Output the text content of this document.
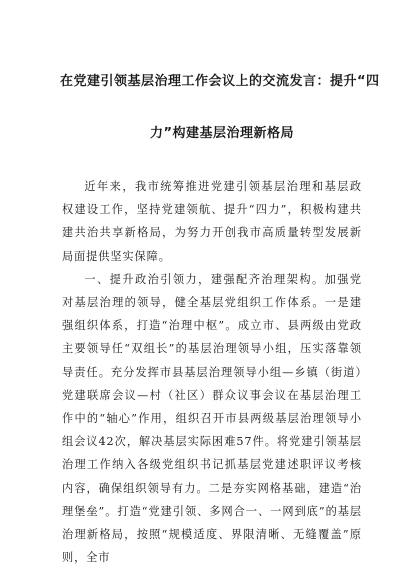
在党建引领基层治理工作会议上的交流发言：提升“四
力”构建基层治理新格局

近年来，我市统筹推进党建引领基层治理和基层政权建设工作，坚持党建领航、提升“四力”，积极构建共建共治共享新格局，为努力开创我市高质量转型发展新局面提供坚实保障。

一、提升政治引领力，建强配齐治理架构。加强党对基层治理的领导，健全基层党组织工作体系。一是建强组织体系，打造“治理中枢”。成立市、县两级由党政主要领导任“双组长”的基层治理领导小组，压实落靠领导责任。充分发挥市县基层治理领导小组—乡镇（街道）党建联席会议—村（社区）群众议事会议在基层治理工作中的“轴心”作用，组织召开市县两级基层治理领导小组会议42次，解决基层实际困难57件。将党建引领基层治理工作纳入各级党组织书记抓基层党建述职评议考核内容，确保组织领导有力。二是夯实网格基础，建造“治理堡垒”。打造“党建引领、多网合一、一网到底”的基层治理新格局，按照“规模适度、界限清晰、无缝覆盖”原则，全市
